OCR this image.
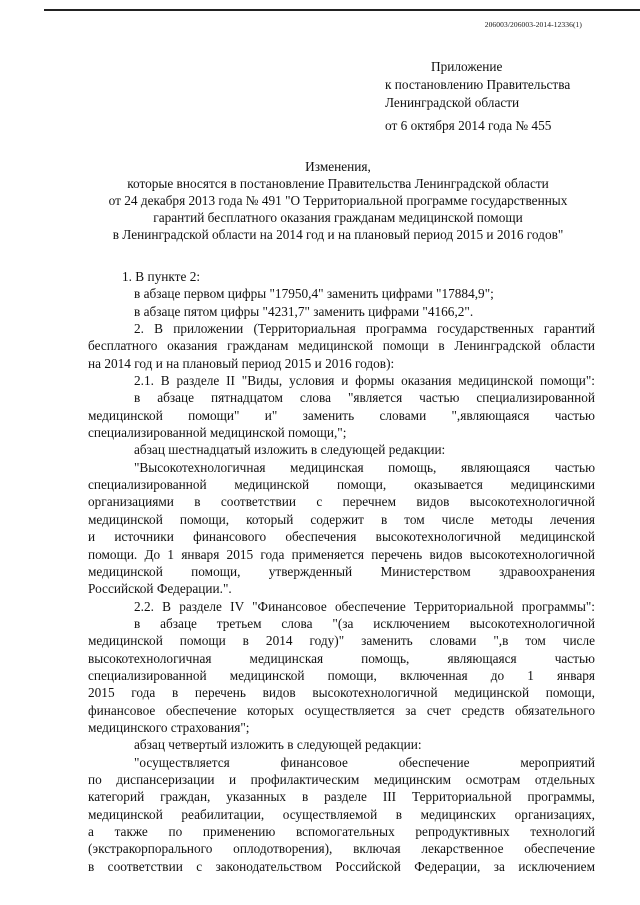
206003/206003-2014-12336(1)
Приложение
к постановлению Правительства
Ленинградской области
от 6 октября 2014 года № 455
Изменения,
которые вносятся в постановление Правительства Ленинградской области
от 24 декабря 2013 года № 491 "О Территориальной программе государственных
гарантий бесплатного оказания гражданам медицинской помощи
в Ленинградской области на 2014 год и на плановый период 2015 и 2016 годов"

1. В пункте 2:

в абзаце первом цифры "17950,4" заменить цифрами "17884,9";

в абзаце пятом цифры "4231,7" заменить цифрами "4166,2".

2. В приложении (Территориальная программа государственных гарантий

бесплатного оказания гражданам медицинской помощи в Ленинградской области

на 2014 год и на плановый период 2015 и 2016 годов):

2.1. В разделе II "Виды, условия и формы оказания медицинской помощи":

в абзаце пятнадцатом слова "является частью специализированной

медицинской помощи" и" заменить словами ",являющаяся частью

специализированной медицинской помощи,";

абзац шестнадцатый изложить в следующей редакции:

"Высокотехнологичная медицинская помощь, являющаяся частью

специализированной медицинской помощи, оказывается медицинскими

организациями в соответствии с перечнем видов высокотехнологичной

медицинской помощи, который содержит в том числе методы лечения

и источники финансового обеспечения высокотехнологичной медицинской

помощи. До 1 января 2015 года применяется перечень видов высокотехнологичной

медицинской помощи, утвержденный Министерством здравоохранения

Российской Федерации.".

2.2. В разделе IV "Финансовое обеспечение Территориальной программы":

в абзаце третьем слова "(за исключением высокотехнологичной

медицинской помощи в 2014 году)" заменить словами ",в том числе

высокотехнологичная медицинская помощь, являющаяся частью

специализированной медицинской помощи, включенная до 1 января

2015 года в перечень видов высокотехнологичной медицинской помощи,

финансовое обеспечение которых осуществляется за счет средств обязательного

медицинского страхования";

абзац четвертый изложить в следующей редакции:

"осуществляется финансовое обеспечение мероприятий

по диспансеризации и профилактическим медицинским осмотрам отдельных

категорий граждан, указанных в разделе III Территориальной программы,

медицинской реабилитации, осуществляемой в медицинских организациях,

а также по применению вспомогательных репродуктивных технологий

(экстракорпорального оплодотворения), включая лекарственное обеспечение

в соответствии с законодательством Российской Федерации, за исключением
